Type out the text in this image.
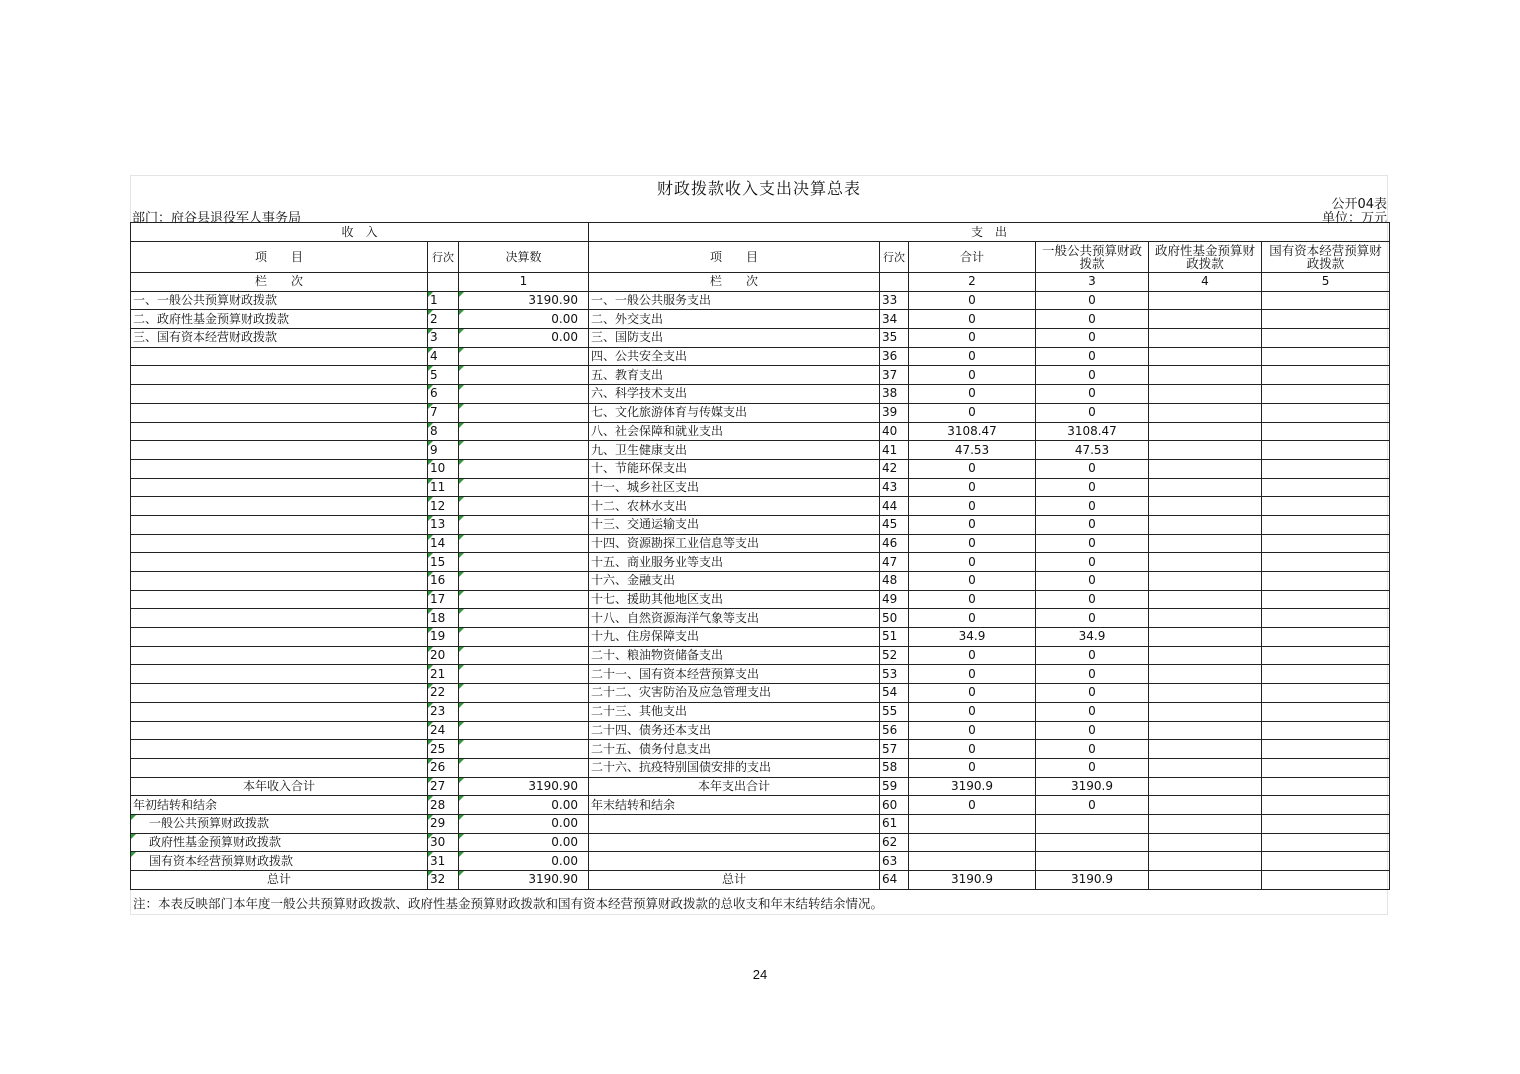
财政拨款收入支出决算总表
公开04表
部门：府谷县退役军人事务局	单位：万元
收　入			支　出					
项　　目	行次	决算数	项　　目	行次	合计	一般公共预算财政拨款	政府性基金预算财政拨款	国有资本经营预算财政拨款
栏　　次		1	栏　　次		2	3	4	5
一、一般公共预算财政拨款	1	3190.90	一、一般公共服务支出	33	0	0		
二、政府性基金预算财政拨款	2	0.00	二、外交支出	34	0	0		
三、国有资本经营财政拨款	3	0.00	三、国防支出	35	0	0		
	4		四、公共安全支出	36	0	0		
	5		五、教育支出	37	0	0		
	6		六、科学技术支出	38	0	0		
	7		七、文化旅游体育与传媒支出	39	0	0		
	8		八、社会保障和就业支出	40	3108.47	3108.47		
	9		九、卫生健康支出	41	47.53	47.53		
	10		十、节能环保支出	42	0	0		
	11		十一、城乡社区支出	43	0	0		
	12		十二、农林水支出	44	0	0		
	13		十三、交通运输支出	45	0	0		
	14		十四、资源勘探工业信息等支出	46	0	0		
	15		十五、商业服务业等支出	47	0	0		
	16		十六、金融支出	48	0	0		
	17		十七、援助其他地区支出	49	0	0		
	18		十八、自然资源海洋气象等支出	50	0	0		
	19		十九、住房保障支出	51	34.9	34.9		
	20		二十、粮油物资储备支出	52	0	0		
	21		二十一、国有资本经营预算支出	53	0	0		
	22		二十二、灾害防治及应急管理支出	54	0	0		
	23		二十三、其他支出	55	0	0		
	24		二十四、债务还本支出	56	0	0		
	25		二十五、债务付息支出	57	0	0		
	26		二十六、抗疫特别国债安排的支出	58	0	0		
本年收入合计	27	3190.90	本年支出合计	59	3190.9	3190.9		
年初结转和结余	28	0.00	年末结转和结余	60	0	0		
一般公共预算财政拨款	29	0.00		61				
政府性基金预算财政拨款	30	0.00		62				
国有资本经营预算财政拨款	31	0.00		63				
总计	32	3190.90	总计	64	3190.9	3190.9		
注：本表反映部门本年度一般公共预算财政拨款、政府性基金预算财政拨款和国有资本经营预算财政拨款的总收支和年末结转结余情况。
24
